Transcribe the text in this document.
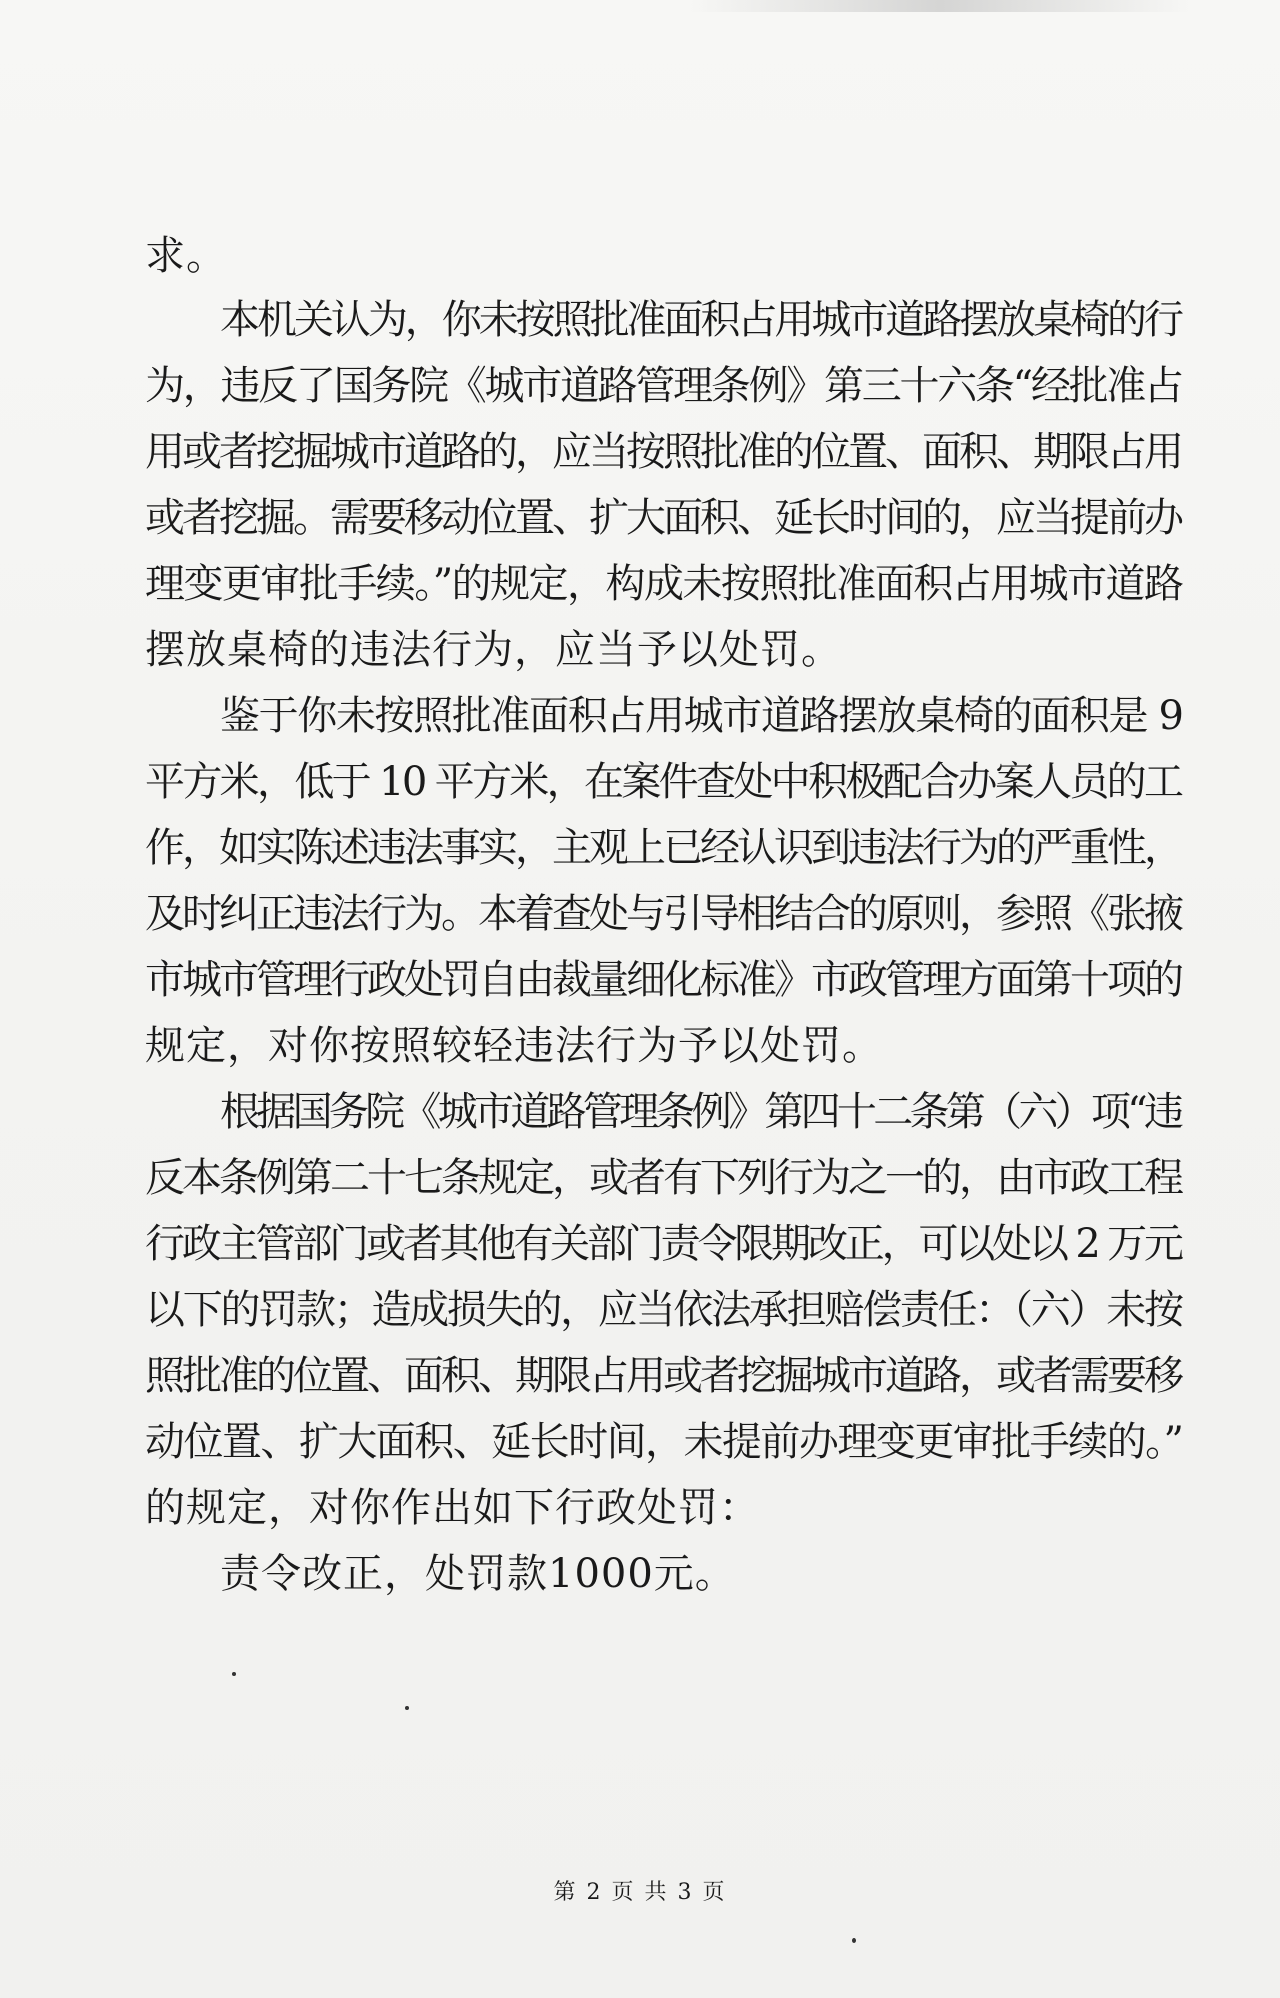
求。
本机关认为，你未按照批准面积占用城市道路摆放桌椅的行
为，违反了国务院《城市道路管理条例》第三十六条“经批准占
用或者挖掘城市道路的，应当按照批准的位置、面积、期限占用
或者挖掘。需要移动位置、扩大面积、延长时间的，应当提前办
理变更审批手续。”的规定，构成未按照批准面积占用城市道路
摆放桌椅的违法行为，应当予以处罚。
鉴于你未按照批准面积占用城市道路摆放桌椅的面积是 9
平方米，低于 10 平方米，在案件查处中积极配合办案人员的工
作，如实陈述违法事实，主观上已经认识到违法行为的严重性，
及时纠正违法行为。本着查处与引导相结合的原则，参照《张掖
市城市管理行政处罚自由裁量细化标准》市政管理方面第十项的
规定，对你按照较轻违法行为予以处罚。
根据国务院《城市道路管理条例》第四十二条第（六）项“违
反本条例第二十七条规定，或者有下列行为之一的，由市政工程
行政主管部门或者其他有关部门责令限期改正，可以处以 2 万元
以下的罚款；造成损失的，应当依法承担赔偿责任：（六）未按
照批准的位置、面积、期限占用或者挖掘城市道路，或者需要移
动位置、扩大面积、延长时间，未提前办理变更审批手续的。”
的规定，对你作出如下行政处罚：
责令改正，处罚款1000元。
第 2 页 共 3 页
